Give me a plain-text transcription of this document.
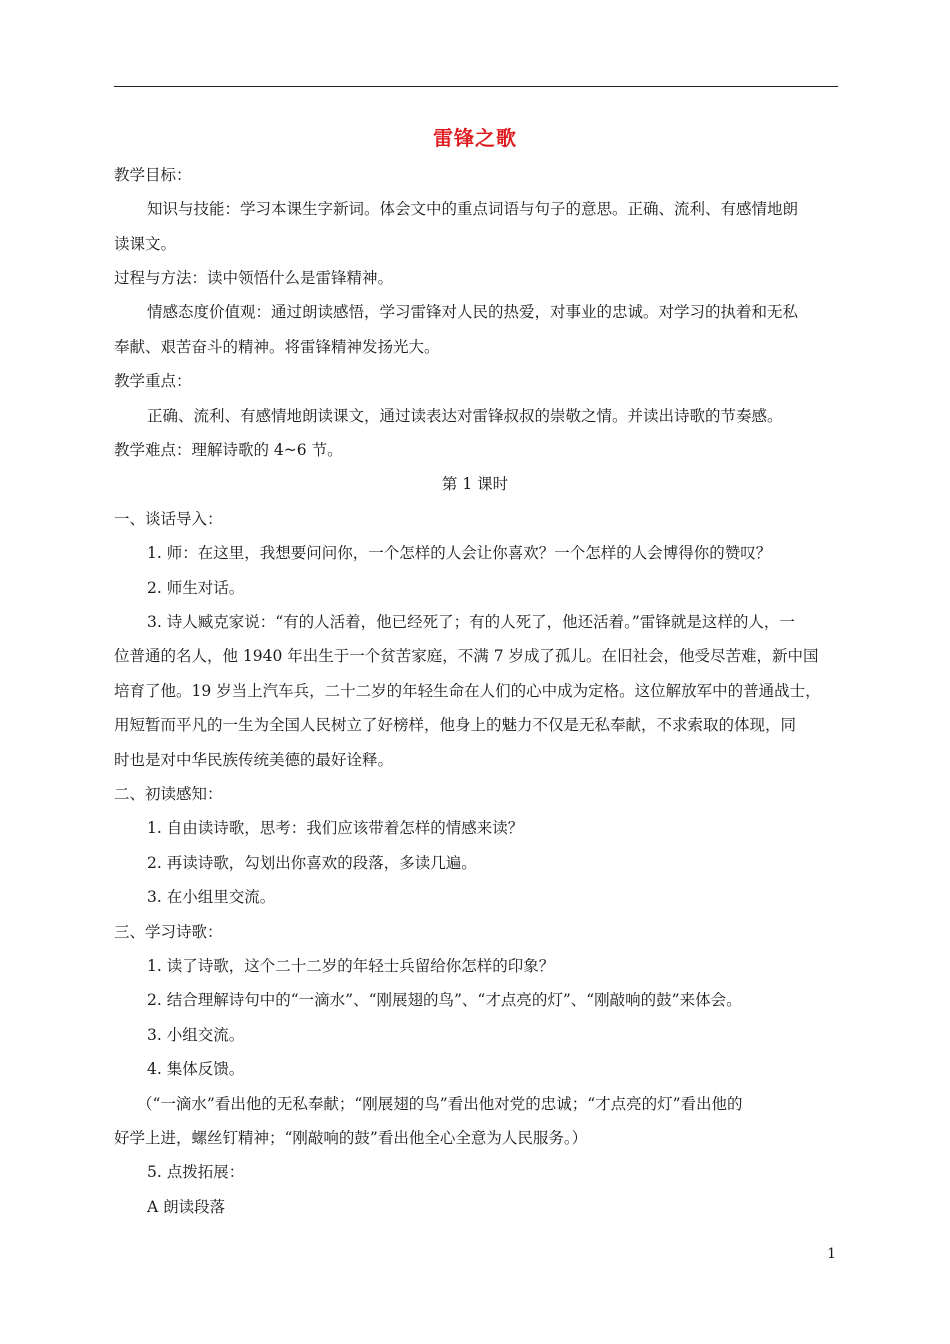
雷锋之歌
教学目标：
知识与技能：学习本课生字新词。体会文中的重点词语与句子的意思。正确、流利、有感情地朗
读课文。
过程与方法：读中领悟什么是雷锋精神。
情感态度价值观：通过朗读感悟，学习雷锋对人民的热爱，对事业的忠诚。对学习的执着和无私
奉献、艰苦奋斗的精神。将雷锋精神发扬光大。
教学重点：
正确、流利、有感情地朗读课文，通过读表达对雷锋叔叔的崇敬之情。并读出诗歌的节奏感。
教学难点：理解诗歌的 4~6 节。
第 1 课时
一、谈话导入：
1. 师：在这里，我想要问问你，一个怎样的人会让你喜欢？一个怎样的人会博得你的赞叹？
2. 师生对话。
3. 诗人臧克家说：“有的人活着，他已经死了；有的人死了，他还活着。”雷锋就是这样的人，一
位普通的名人，他 1940 年出生于一个贫苦家庭，不满 7 岁成了孤儿。在旧社会，他受尽苦难，新中国
培育了他。19 岁当上汽车兵，二十二岁的年轻生命在人们的心中成为定格。这位解放军中的普通战士，
用短暂而平凡的一生为全国人民树立了好榜样，他身上的魅力不仅是无私奉献，不求索取的体现，同
时也是对中华民族传统美德的最好诠释。
二、初读感知：
1. 自由读诗歌，思考：我们应该带着怎样的情感来读？
2. 再读诗歌，勾划出你喜欢的段落，多读几遍。
3. 在小组里交流。
三、学习诗歌：
1. 读了诗歌，这个二十二岁的年轻士兵留给你怎样的印象？
2. 结合理解诗句中的“一滴水”、“刚展翅的鸟”、“才点亮的灯”、“刚敲响的鼓”来体会。
3. 小组交流。
4. 集体反馈。
（“一滴水”看出他的无私奉献；“刚展翅的鸟”看出他对党的忠诚；“才点亮的灯”看出他的
好学上进，螺丝钉精神；“刚敲响的鼓”看出他全心全意为人民服务。）
5. 点拨拓展：
A 朗读段落
1
